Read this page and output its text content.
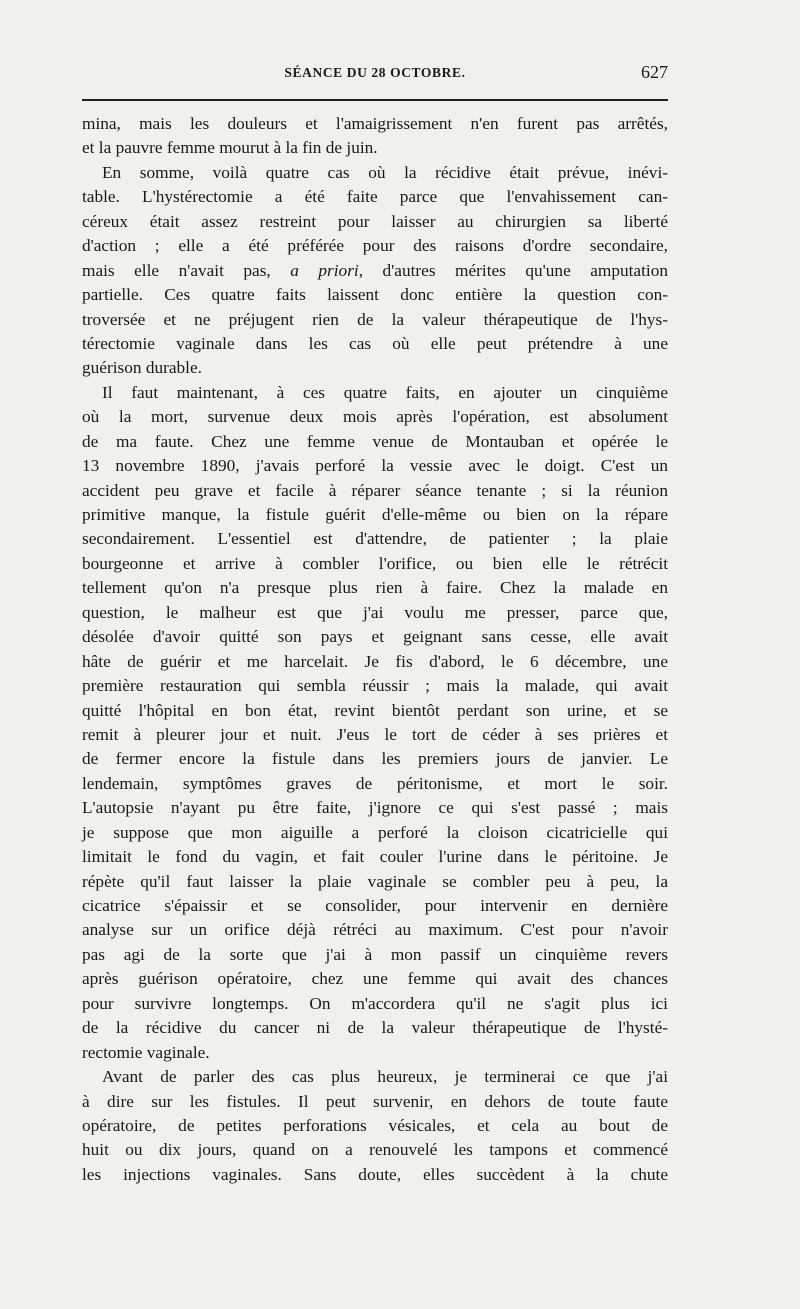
SÉANCE DU 28 OCTOBRE.	627
mina, mais les douleurs et l'amaigrissement n'en furent pas arrêtés,
et la pauvre femme mourut à la fin de juin.
En somme, voilà quatre cas où la récidive était prévue, inévi-
table. L'hystérectomie a été faite parce que l'envahissement can-
céreux était assez restreint pour laisser au chirurgien sa liberté
d'action ; elle a été préférée pour des raisons d'ordre secondaire,
mais elle n'avait pas, a priori, d'autres mérites qu'une amputation
partielle. Ces quatre faits laissent donc entière la question con-
troversée et ne préjugent rien de la valeur thérapeutique de l'hys-
térectomie vaginale dans les cas où elle peut prétendre à une
guérison durable.
Il faut maintenant, à ces quatre faits, en ajouter un cinquième
où la mort, survenue deux mois après l'opération, est absolument
de ma faute. Chez une femme venue de Montauban et opérée le
13 novembre 1890, j'avais perforé la vessie avec le doigt. C'est un
accident peu grave et facile à réparer séance tenante ; si la réunion
primitive manque, la fistule guérit d'elle-même ou bien on la répare
secondairement. L'essentiel est d'attendre, de patienter ; la plaie
bourgeonne et arrive à combler l'orifice, ou bien elle le rétrécit
tellement qu'on n'a presque plus rien à faire. Chez la malade en
question, le malheur est que j'ai voulu me presser, parce que,
désolée d'avoir quitté son pays et geignant sans cesse, elle avait
hâte de guérir et me harcelait. Je fis d'abord, le 6 décembre, une
première restauration qui sembla réussir ; mais la malade, qui avait
quitté l'hôpital en bon état, revint bientôt perdant son urine, et se
remit à pleurer jour et nuit. J'eus le tort de céder à ses prières et
de fermer encore la fistule dans les premiers jours de janvier. Le
lendemain, symptômes graves de péritonisme, et mort le soir.
L'autopsie n'ayant pu être faite, j'ignore ce qui s'est passé ; mais
je suppose que mon aiguille a perforé la cloison cicatricielle qui
limitait le fond du vagin, et fait couler l'urine dans le péritoine. Je
répète qu'il faut laisser la plaie vaginale se combler peu à peu, la
cicatrice s'épaissir et se consolider, pour intervenir en dernière
analyse sur un orifice déjà rétréci au maximum. C'est pour n'avoir
pas agi de la sorte que j'ai à mon passif un cinquième revers
après guérison opératoire, chez une femme qui avait des chances
pour survivre longtemps. On m'accordera qu'il ne s'agit plus ici
de la récidive du cancer ni de la valeur thérapeutique de l'hysté-
rectomie vaginale.
Avant de parler des cas plus heureux, je terminerai ce que j'ai
à dire sur les fistules. Il peut survenir, en dehors de toute faute
opératoire, de petites perforations vésicales, et cela au bout de
huit ou dix jours, quand on a renouvelé les tampons et commencé
les injections vaginales. Sans doute, elles succèdent à la chute
